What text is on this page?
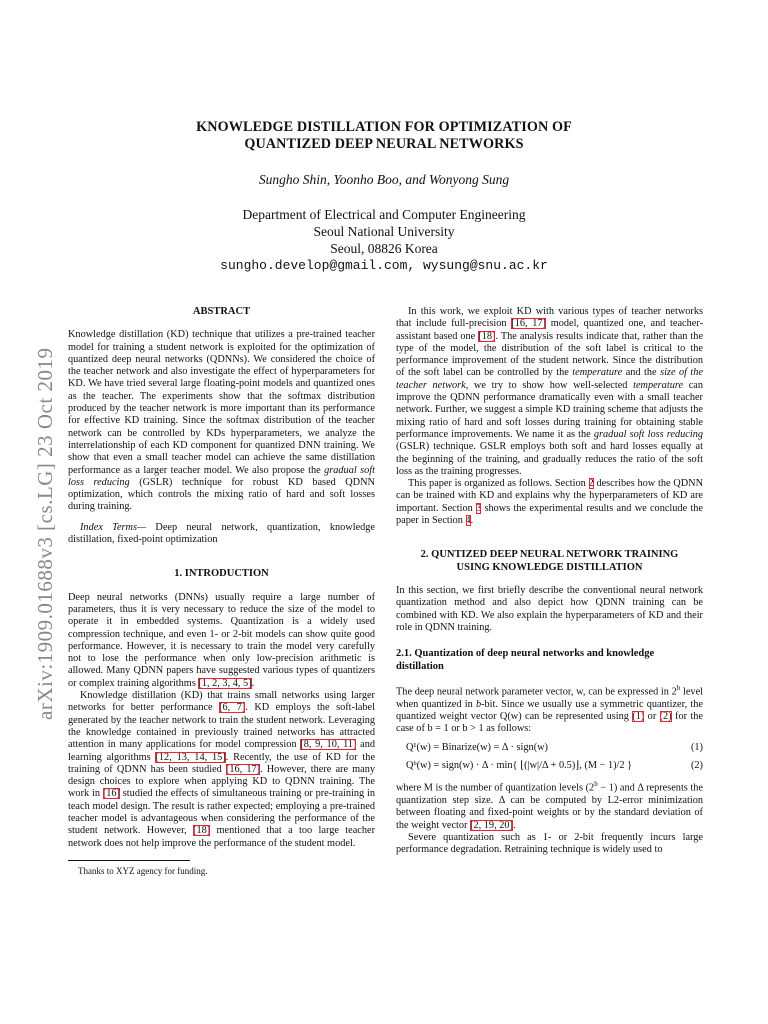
KNOWLEDGE DISTILLATION FOR OPTIMIZATION OF
QUANTIZED DEEP NEURAL NETWORKS
Sungho Shin, Yoonho Boo, and Wonyong Sung
Department of Electrical and Computer Engineering
Seoul National University
Seoul, 08826 Korea
sungho.develop@gmail.com, wysung@snu.ac.kr
arXiv:1909.01688v3 [cs.LG] 23 Oct 2019
ABSTRACT

Knowledge distillation (KD) technique that utilizes a pre-trained teacher model for training a student network is exploited for the optimization of quantized deep neural networks (QDNNs). We considered the choice of the teacher network and also investigate the effect of hyperparameters for KD. We have tried several large floating-point models and quantized ones as the teacher. The experiments show that the softmax distribution produced by the teacher network is more important than its performance for effective KD training. Since the softmax distribution of the teacher network can be controlled by KDs hyperparameters, we analyze the interrelationship of each KD component for quantized DNN training. We show that even a small teacher model can achieve the same distillation performance as a larger teacher model. We also propose the gradual soft loss reducing (GSLR) technique for robust KD based QDNN optimization, which controls the mixing ratio of hard and soft losses during training.

Index Terms— Deep neural network, quantization, knowledge distillation, fixed-point optimization

1. INTRODUCTION

Deep neural networks (DNNs) usually require a large number of parameters, thus it is very necessary to reduce the size of the model to operate it in embedded systems. Quantization is a widely used compression technique, and even 1- or 2-bit models can show quite good performance. However, it is necessary to train the model very carefully not to lose the performance when only low-precision arithmetic is allowed. Many QDNN papers have suggested various types of quantizers or complex training algorithms [1, 2, 3, 4, 5].

Knowledge distillation (KD) that trains small networks using larger networks for better performance [6, 7]. KD employs the soft-label generated by the teacher network to train the student network. Leveraging the knowledge contained in previously trained networks has attracted attention in many applications for model compression [8, 9, 10, 11] and learning algorithms [12, 13, 14, 15]. Recently, the use of KD for the training of QDNN has been studied [16, 17]. However, there are many design choices to explore when applying KD to QDNN training. The work in [16] studied the effects of simultaneous training or pre-training in teach model design. The result is rather expected; employing a pre-trained teacher model is advantageous when considering the performance of the student network. However, [18] mentioned that a too large teacher network does not help improve the performance of the student model.

Thanks to XYZ agency for funding.

In this work, we exploit KD with various types of teacher networks that include full-precision [16, 17] model, quantized one, and teacher-assistant based one [18]. The analysis results indicate that, rather than the type of the model, the distribution of the soft label is critical to the performance improvement of the student network. Since the distribution of the soft label can be controlled by the temperature and the size of the teacher network, we try to show how well-selected temperature can improve the QDNN performance dramatically even with a small teacher network. Further, we suggest a simple KD training scheme that adjusts the mixing ratio of hard and soft losses during training for obtaining stable performance improvements. We name it as the gradual soft loss reducing (GSLR) technique. GSLR employs both soft and hard losses equally at the beginning of the training, and gradually reduces the ratio of the soft loss as the training progresses.

This paper is organized as follows. Section 2 describes how the QDNN can be trained with KD and explains why the hyperparameters of KD are important. Section 3 shows the experimental results and we conclude the paper in Section 4.

2. QUNTIZED DEEP NEURAL NETWORK TRAINING
USING KNOWLEDGE DISTILLATION

In this section, we first briefly describe the conventional neural network quantization method and also depict how QDNN training can be combined with KD. We also explain the hyperparameters of KD and their role in QDNN training.

2.1. Quantization of deep neural networks and knowledge distillation

The deep neural network parameter vector, w, can be expressed in 2$^b$ level when quantized in b-bit. Since we usually use a symmetric quantizer, the quantized weight vector Q(w) can be represented using (1) or (2) for the case of b = 1 or b > 1 as follows:

Q¹(w) = Binarize(w) = Δ · sign(w)	(1)
Qᵇ(w) = sign(w) · Δ · min{ ⌊(|w|/Δ + 0.5)⌋, (M − 1)/2 }	(2)

where M is the number of quantization levels $(2^b - 1)$ and Δ represents the quantization step size. Δ can be computed by L2-error minimization between floating and fixed-point weights or by the standard deviation of the weight vector [2, 19, 20].

Severe quantization such as 1- or 2-bit frequently incurs large performance degradation. Retraining technique is widely used to
